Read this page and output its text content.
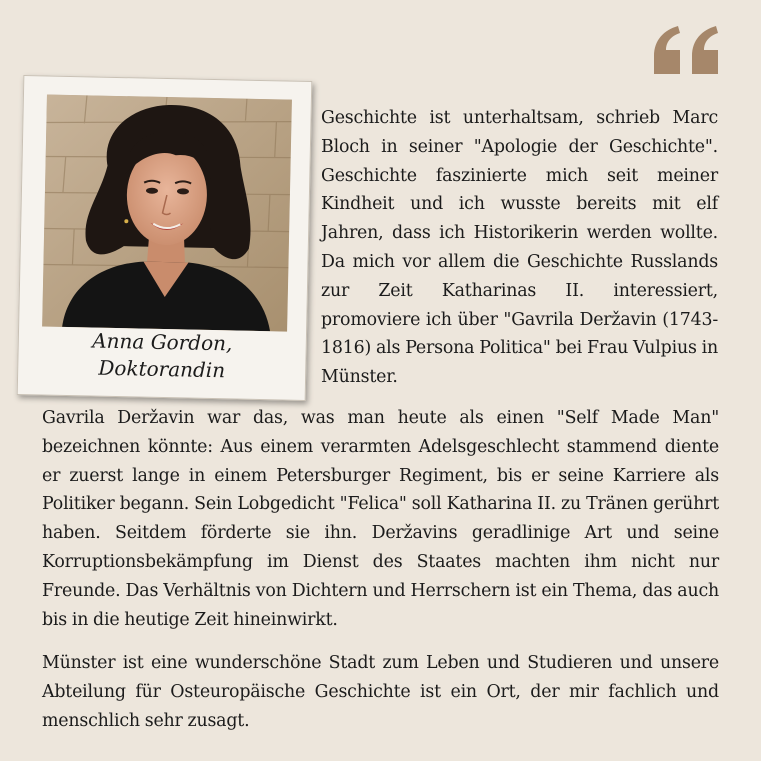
Anna Gordon,
Doktorandin

Geschichte ist unterhaltsam, schrieb Marc Bloch in seiner "Apologie der Geschichte". Geschichte faszinierte mich seit meiner Kindheit und ich wusste bereits mit elf Jahren, dass ich Historikerin werden wollte. Da mich vor allem die Geschichte Russlands zur Zeit Katharinas II. interessiert, promoviere ich über "Gavrila Deržavin (1743-1816) als Persona Politica" bei Frau Vulpius in Münster.

Gavrila Deržavin war das, was man heute als einen "Self Made Man" bezeichnen könnte: Aus einem verarmten Adelsgeschlecht stammend diente er zuerst lange in einem Petersburger Regiment, bis er seine Karriere als Politiker begann. Sein Lobgedicht "Felica" soll Katharina II. zu Tränen gerührt haben. Seitdem förderte sie ihn. Deržavins geradlinige Art und seine Korruptionsbekämpfung im Dienst des Staates machten ihm nicht nur Freunde. Das Verhältnis von Dichtern und Herrschern ist ein Thema, das auch bis in die heutige Zeit hineinwirkt.

Münster ist eine wunderschöne Stadt zum Leben und Studieren und unsere Abteilung für Osteuropäische Geschichte ist ein Ort, der mir fachlich und menschlich sehr zusagt.
